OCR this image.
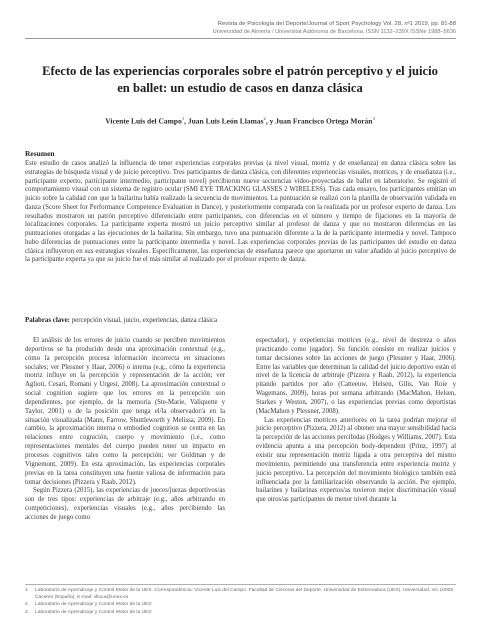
Revista de Psicología del Deporte/Journal of Sport Psychology Vol. 28, nº1 2019, pp. 81-88
Universidad de Almería / Universitat Autònoma de Barcelona. ISSN 1132–239X ISSNe 1988–5636
Efecto de las experiencias corporales sobre el patrón perceptivo y el juicio en ballet: un estudio de casos en danza clásica
Vicente Luis del Campo$^1$, Juan Luis León Llamas$^2$, y Juan Francisco Ortega Morán$^3$
Resumen

Este estudio de casos analizó la influencia de tener experiencias corporales previas (a nivel visual, motriz y de enseñanza) en danza clásica sobre las estrategias de búsqueda visual y de juicio perceptivo. Tres participantes de danza clásica, con diferentes experiencias visuales, motrices, y de enseñanza (i.e., participante experto, participante intermedio, participante novel) percibieron nueve secuencias vídeo-proyectadas de ballet en laboratorio. Se registró el comportamiento visual con un sistema de registro ocular (SMI EYE TRACKING GLASSES 2 WIRELESS). Tras cada ensayo, los participantes emitían un juicio sobre la calidad con que la bailarina había realizado la secuencia de movimientos. La puntuación se realizó con la planilla de observación validada en danza (Score Sheet for Performance Competence Evaluation in Dance), y posteriormente comparada con la realizada por un profesor experto de danza. Los resultados mostraron un patrón perceptivo diferenciado entre participantes, con diferencias en el número y tiempo de fijaciones en la mayoría de localizaciones corporales. La participante experta mostró un juicio perceptivo similar al profesor de danza y que no mostraron diferencias en las puntuaciones otorgadas a las ejecuciones de la bailarina. Sin embargo, tuvo una puntuación diferente a la de la participante intermedia y novel. Tampoco hubo diferencias de puntuaciones entre la participante intermedia y novel. Las experiencias corporales previas de las participantes del estudio en danza clásica influyeron en sus estrategias visuales. Específicamente, las experiencias de enseñanza parece que aportaron un valor añadido al juicio perceptivo de la participante experta ya que su juicio fue el más similar al realizado por el profesor experto de danza.

Palabras clave: percepción visual, juicio, experiencias, danza clásica

El análisis de los errores de juicio cuando se perciben movimientos deportivos se ha producido desde una aproximación contextual (e.g., cómo la percepción procesa información incorrecta en situaciones sociales; ver Plessner y Haar, 2006) o interna (e.g., cómo la experiencia motriz influye en la percepción y representación de la acción; ver Aglioti, Cesari, Romani y Urgesi, 2008). La aproximación contextual o social cognition sugiere que los errores en la percepción son dependientes, por ejemplo, de la memoria (Ste-Marie, Valiquette y Taylor, 2001) o de la posición que tenga el/la observador/a en la situación visualizada (Mann, Farrow, Shuttleworth y Melissa, 2009). En cambio, la aproximación interna o embodied cognition se centra en las relaciones entre cognición, cuerpo y movimiento (i.e., como representaciones mentales del cuerpo pueden tener un impacto en procesos cognitivos tales como la percepción; ver Goldman y de Vignemont, 2009). En esta aproximación, las experiencias corporales previas en la tarea constituyen una fuente valiosa de información para tomar decisiones (Pizzera y Raab, 2012).

Según Pizzera (2015), las experiencias de jueces/juezas deportivos/as son de tres tipos: experiencias de arbitraje (e.g., años arbitrando en competiciones), experiencias visuales (e.g., años percibiendo las acciones de juego como

espectador), y experiencias motrices (e.g., nivel de destreza o años practicando como jugador). Su función consiste en realizar juicios y tomar decisiones sobre las acciones de juego (Plessner y Haar, 2006). Entre las variables que determinan la calidad del juicio deportivo están el nivel de la licencia de arbitraje (Pizzera y Raab, 2012), la experiencia pitando partidos por año (Catteeuw, Helsen, Gilis, Van Roie y Wagemans, 2009), horas por semana arbitrando (MacMahon, Helsen, Starkes y Weston, 2007), o las experiencias previas como deportistas (MacMahon y Plessner, 2008).

Las experiencias motrices anteriores en la tarea podrían mejorar el juicio perceptivo (Pizzera, 2012) al obtener una mayor sensibilidad hacia la percepción de las acciones percibidas (Hodges y Williams, 2007). Esta evidencia apunta a una percepción body-dependent (Prinz, 1997) al existir una representación motriz ligada a otra perceptiva del mismo movimiento, permitiendo una transferencia entre experiencia motriz y juicio perceptivo. La percepción del movimiento biológico también está influenciada por la familiarización observando la acción. Por ejemplo, bailarines y bailarinas expertos/as tuvieron mejor discriminación visual que otros/as participantes de menor nivel durante la

1	Laboratorio de Aprendizaje y Control Motor de la UEX. Correspondencia: Vicente Luis del Campo. Facultad de Ciencias del Deporte. Universidad de Extremadura (UEX). Universidad, s/n 10003. Cáceres (España). E-mail: vlluca@unex.es
2	Laboratorio de Aprendizaje y Control Motor de la UEX
3	Laboratorio de Aprendizaje y Control Motor de la UEX
